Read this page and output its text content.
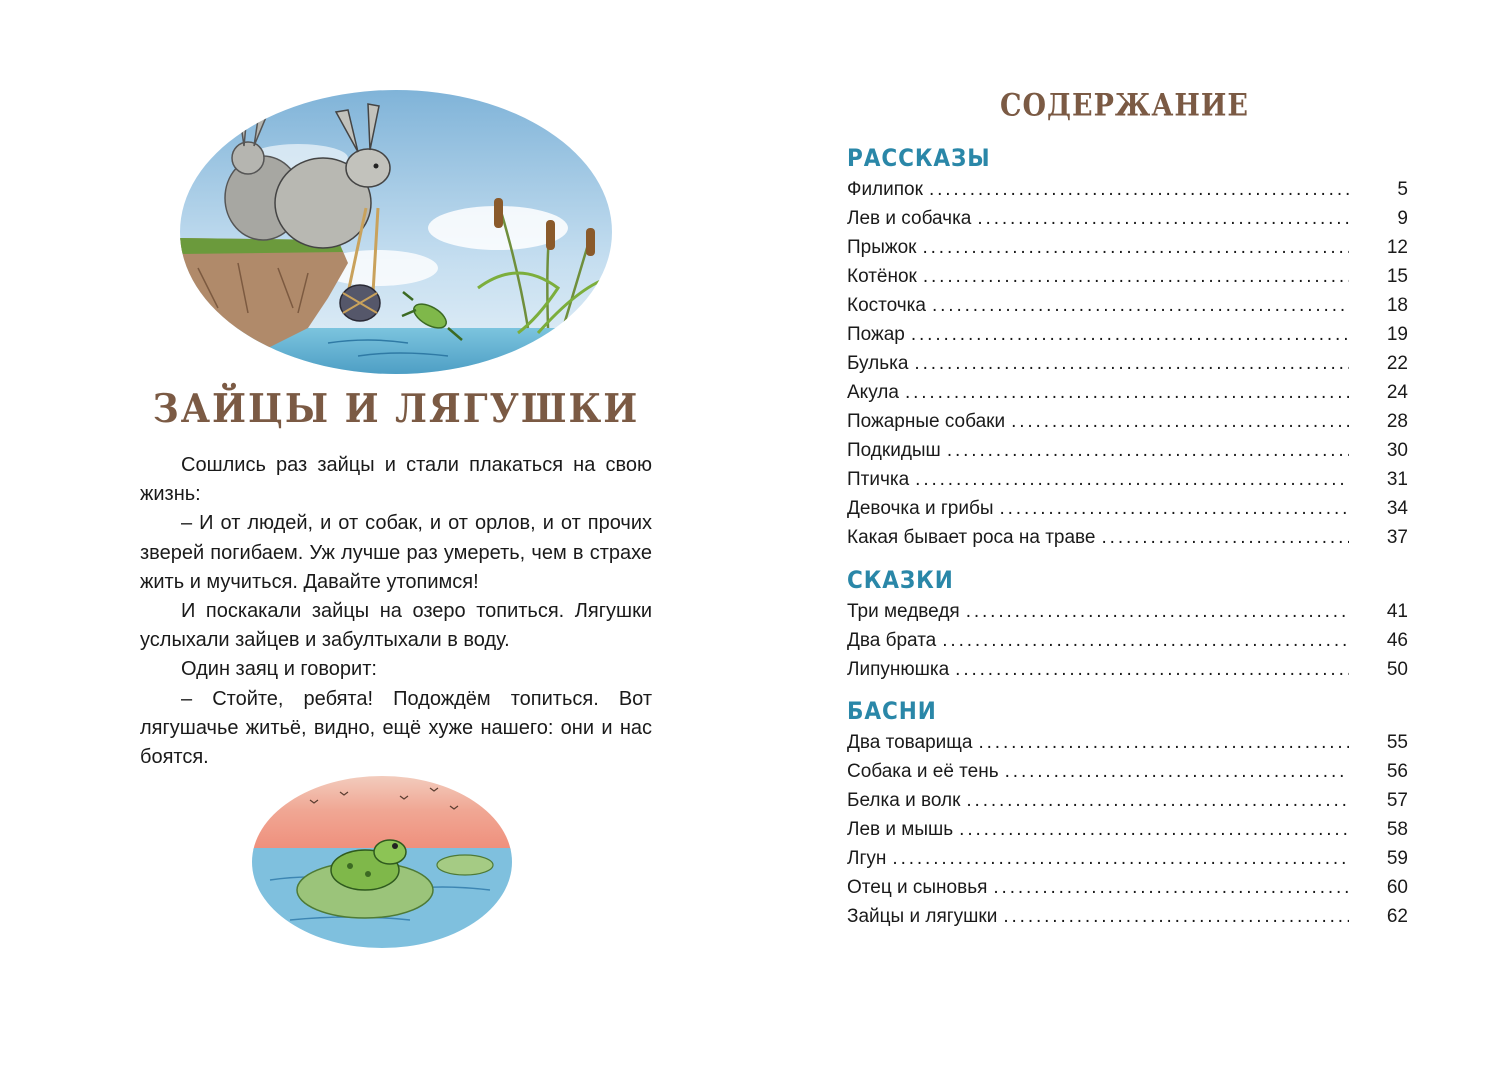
ЗАЙЦЫ И ЛЯГУШКИ

Сошлись раз зайцы и стали плакаться на свою жизнь:

– И от людей, и от собак, и от орлов, и от прочих зверей погибаем. Уж лучше раз умереть, чем в страхе жить и мучиться. Давайте утопимся!

И поскакали зайцы на озеро топиться. Лягушки услыхали зайцев и забултыхали в воду.

Один заяц и говорит:

– Стойте, ребята! Подождём топиться. Вот лягушачье житьё, видно, ещё хуже нашего: они и нас боятся.

СОДЕРЖАНИЕ
РАССКАЗЫ
Филипок . . .	5
Лев и собачка . . .	9
Прыжок . . .	12
Котёнок . . .	15
Косточка . . .	18
Пожар . . .	19
Булька . . .	22
Акула . . .	24
Пожарные собаки . . .	28
Подкидыш . . .	30
Птичка . . .	31
Девочка и грибы . . .	34
Какая бывает роса на траве . . .	37
СКАЗКИ
Три медведя . . .	41
Два брата . . .	46
Липунюшка . . .	50
БАСНИ
Два товарища . . .	55
Собака и её тень . . .	56
Белка и волк . . .	57
Лев и мышь . . .	58
Лгун . . .	59
Отец и сыновья . . .	60
Зайцы и лягушки . . .	62
